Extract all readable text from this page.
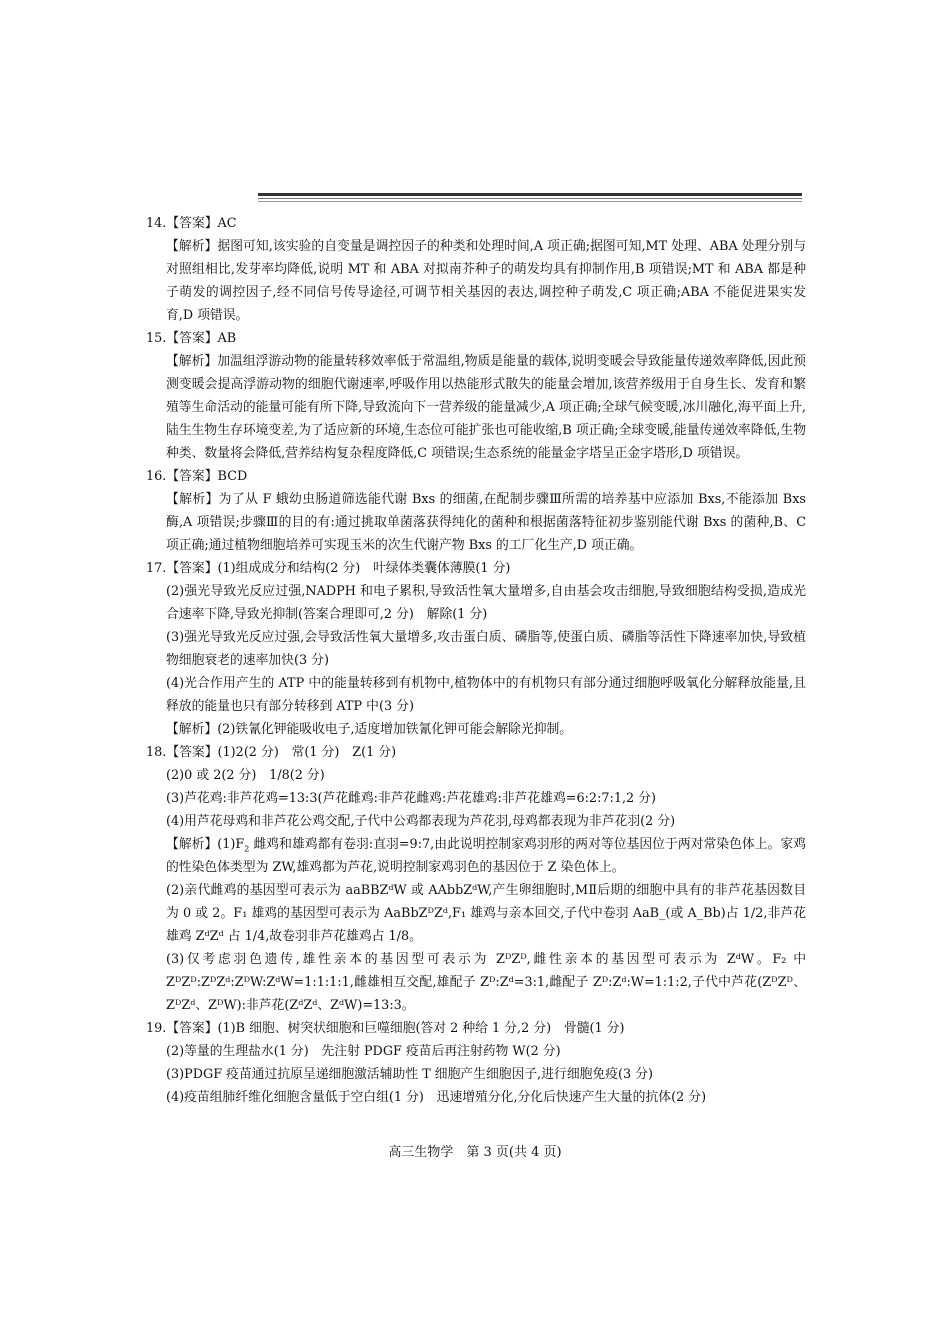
14.【答案】AC

【解析】据图可知,该实验的自变量是调控因子的种类和处理时间,A 项正确;据图可知,MT 处理、ABA 处理分别与对照组相比,发芽率均降低,说明 MT 和 ABA 对拟南芥种子的萌发均具有抑制作用,B 项错误;MT 和 ABA 都是种子萌发的调控因子,经不同信号传导途径,可调节相关基因的表达,调控种子萌发,C 项正确;ABA 不能促进果实发育,D 项错误。

15.【答案】AB

【解析】加温组浮游动物的能量转移效率低于常温组,物质是能量的载体,说明变暖会导致能量传递效率降低,因此预测变暖会提高浮游动物的细胞代谢速率,呼吸作用以热能形式散失的能量会增加,该营养级用于自身生长、发育和繁殖等生命活动的能量可能有所下降,导致流向下一营养级的能量减少,A 项正确;全球气候变暖,冰川融化,海平面上升,陆生生物生存环境变差,为了适应新的环境,生态位可能扩张也可能收缩,B 项正确;全球变暖,能量传递效率降低,生物种类、数量将会降低,营养结构复杂程度降低,C 项错误;生态系统的能量金字塔呈正金字塔形,D 项错误。

16.【答案】BCD

【解析】为了从 F 蛾幼虫肠道筛选能代谢 Bxs 的细菌,在配制步骤Ⅲ所需的培养基中应添加 Bxs,不能添加 Bxs 酶,A 项错误;步骤Ⅲ的目的有:通过挑取单菌落获得纯化的菌种和根据菌落特征初步鉴别能代谢 Bxs 的菌种,B、C 项正确;通过植物细胞培养可实现玉米的次生代谢产物 Bxs 的工厂化生产,D 项正确。

17.【答案】(1)组成成分和结构(2 分)　叶绿体类囊体薄膜(1 分)

(2)强光导致光反应过强,NADPH 和电子累积,导致活性氧大量增多,自由基会攻击细胞,导致细胞结构受损,造成光合速率下降,导致光抑制(答案合理即可,2 分)　解除(1 分)

(3)强光导致光反应过强,会导致活性氧大量增多,攻击蛋白质、磷脂等,使蛋白质、磷脂等活性下降速率加快,导致植物细胞衰老的速率加快(3 分)

(4)光合作用产生的 ATP 中的能量转移到有机物中,植物体中的有机物只有部分通过细胞呼吸氧化分解释放能量,且释放的能量也只有部分转移到 ATP 中(3 分)

【解析】(2)铁氰化钾能吸收电子,适度增加铁氰化钾可能会解除光抑制。

18.【答案】(1)2(2 分)　常(1 分)　Z(1 分)

(2)0 或 2(2 分)　1/8(2 分)

(3)芦花鸡:非芦花鸡=13:3(芦花雌鸡:非芦花雌鸡:芦花雄鸡:非芦花雄鸡=6:2:7:1,2 分)

(4)用芦花母鸡和非芦花公鸡交配,子代中公鸡都表现为芦花羽,母鸡都表现为非芦花羽(2 分)

【解析】$(1)F_2$ 雌鸡和雄鸡都有卷羽:直羽=9:7,由此说明控制家鸡羽形的两对等位基因位于两对常染色体上。家鸡的性染色体类型为 ZW,雄鸡都为芦花,说明控制家鸡羽色的基因位于 Z 染色体上。

(2)亲代雌鸡的基因型可表示为 aaBBZᵈW 或 AAbbZᵈW,产生卵细胞时,MⅡ后期的细胞中具有的非芦花基因数目为 0 或 2。F₁ 雄鸡的基因型可表示为 AaBbZᴰZᵈ,F₁ 雄鸡与亲本回交,子代中卷羽 AaB_(或 A_Bb)占 1/2,非芦花雄鸡 ZᵈZᵈ 占 1/4,故卷羽非芦花雄鸡占 1/8。

(3)仅考虑羽色遗传,雄性亲本的基因型可表示为 ZᴰZᴰ,雌性亲本的基因型可表示为 ZᵈW。F₂ 中 ZᴰZᴰ:ZᴰZᵈ:ZᴰW:ZᵈW=1:1:1:1,雌雄相互交配,雄配子 Zᴰ:Zᵈ=3:1,雌配子 Zᴰ:Zᵈ:W=1:1:2,子代中芦花(ZᴰZᴰ、ZᴰZᵈ、ZᴰW):非芦花(ZᵈZᵈ、ZᵈW)=13:3。

19.【答案】(1)B 细胞、树突状细胞和巨噬细胞(答对 2 种给 1 分,2 分)　骨髓(1 分)

(2)等量的生理盐水(1 分)　先注射 PDGF 疫苗后再注射药物 W(2 分)

(3)PDGF 疫苗通过抗原呈递细胞激活辅助性 T 细胞产生细胞因子,进行细胞免疫(3 分)

(4)疫苗组肺纤维化细胞含量低于空白组(1 分)　迅速增殖分化,分化后快速产生大量的抗体(2 分)

高三生物学　第 3 页(共 4 页)
